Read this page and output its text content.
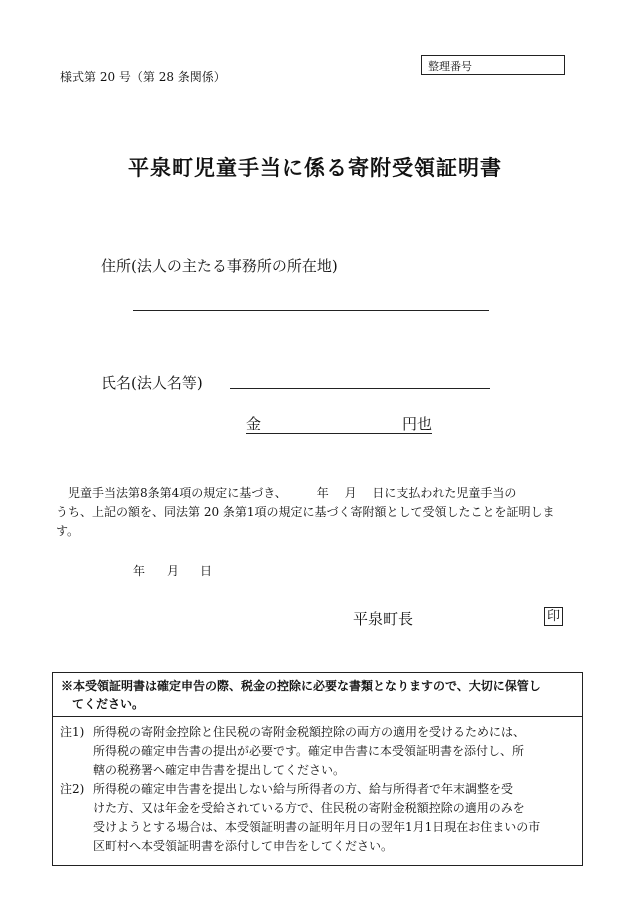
様式第 20 号（第 28 条関係）
整理番号
平泉町児童手当に係る寄附受領証明書
住所(法人の主たる事務所の所在地)
氏名(法人名等)
金	円也
児童手当法第8条第4項の規定に基づき、　　　年　 月　 日に支払われた児童手当の
うち、上記の額を、同法第 20 条第1項の規定に基づく寄附額として受領したことを証明しま
す。
年 月 日
平泉町長	印
※本受領証明書は確定申告の際、税金の控除に必要な書類となりますので、大切に保管し
てください。
注1) 所得税の寄附金控除と住民税の寄附金税額控除の両方の適用を受けるためには、
所得税の確定申告書の提出が必要です。確定申告書に本受領証明書を添付し、所
轄の税務署へ確定申告書を提出してください。
注2) 所得税の確定申告書を提出しない給与所得者の方、給与所得者で年末調整を受
けた方、又は年金を受給されている方で、住民税の寄附金税額控除の適用のみを
受けようとする場合は、本受領証明書の証明年月日の翌年1月1日現在お住まいの市
区町村へ本受領証明書を添付して申告をしてください。
